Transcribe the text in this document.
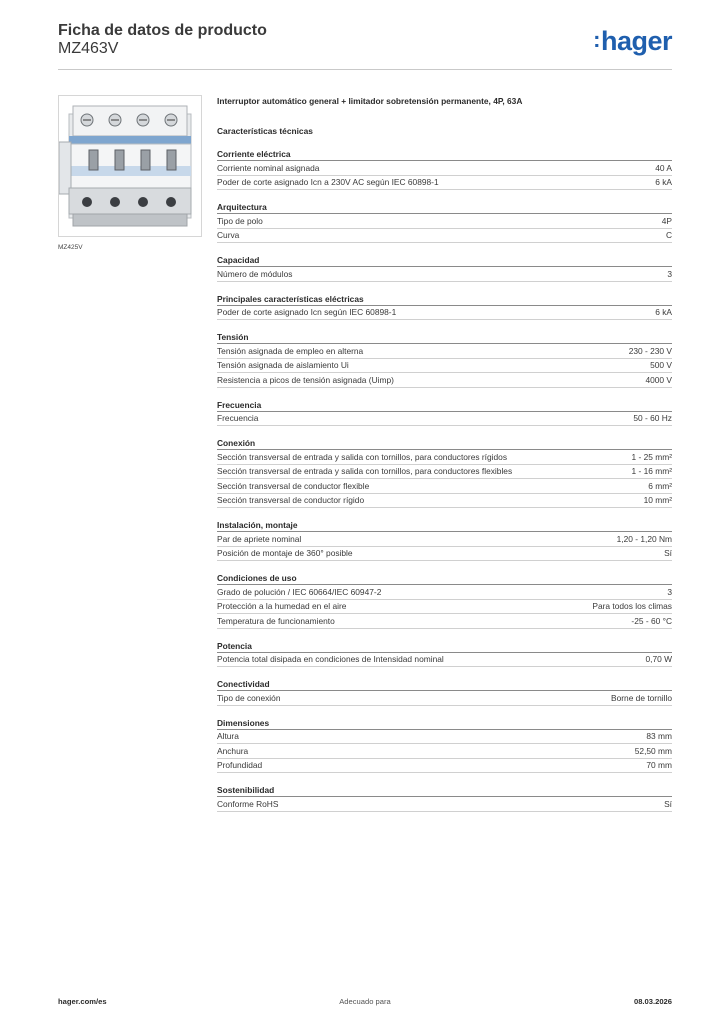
Ficha de datos de producto
MZ463V	:hager
MZ425V
Interruptor automático general + limitador sobretensión permanente, 4P, 63A
Características técnicas
Corriente eléctrica
Corriente nominal asignada	40 A
Poder de corte asignado Icn a 230V AC según IEC 60898-1	6 kA
Arquitectura
Tipo de polo	4P
Curva	C
Capacidad
Número de módulos	3
Principales características eléctricas
Poder de corte asignado Icn según IEC 60898-1	6 kA
Tensión
Tensión asignada de empleo en alterna	230 - 230 V
Tensión asignada de aislamiento Ui	500 V
Resistencia a picos de tensión asignada (Uimp)	4000 V
Frecuencia
Frecuencia	50 - 60 Hz
Conexión
Sección transversal de entrada y salida con tornillos, para conductores rígidos	1 - 25 mm²
Sección transversal de entrada y salida con tornillos, para conductores flexibles	1 - 16 mm²
Sección transversal de conductor flexible	6 mm²
Sección transversal de conductor rígido	10 mm²
Instalación, montaje
Par de apriete nominal	1,20 - 1,20 Nm
Posición de montaje de 360° posible	Sí
Condiciones de uso
Grado de polución / IEC 60664/IEC 60947-2	3
Protección a la humedad en el aire	Para todos los climas
Temperatura de funcionamiento	-25 - 60 °C
Potencia
Potencia total disipada en condiciones de Intensidad nominal	0,70 W
Conectividad
Tipo de conexión	Borne de tornillo
Dimensiones
Altura	83 mm
Anchura	52,50 mm
Profundidad	70 mm
Sostenibilidad
Conforme RoHS	Sí
Adecuado para
hager.com/es	08.03.2026
